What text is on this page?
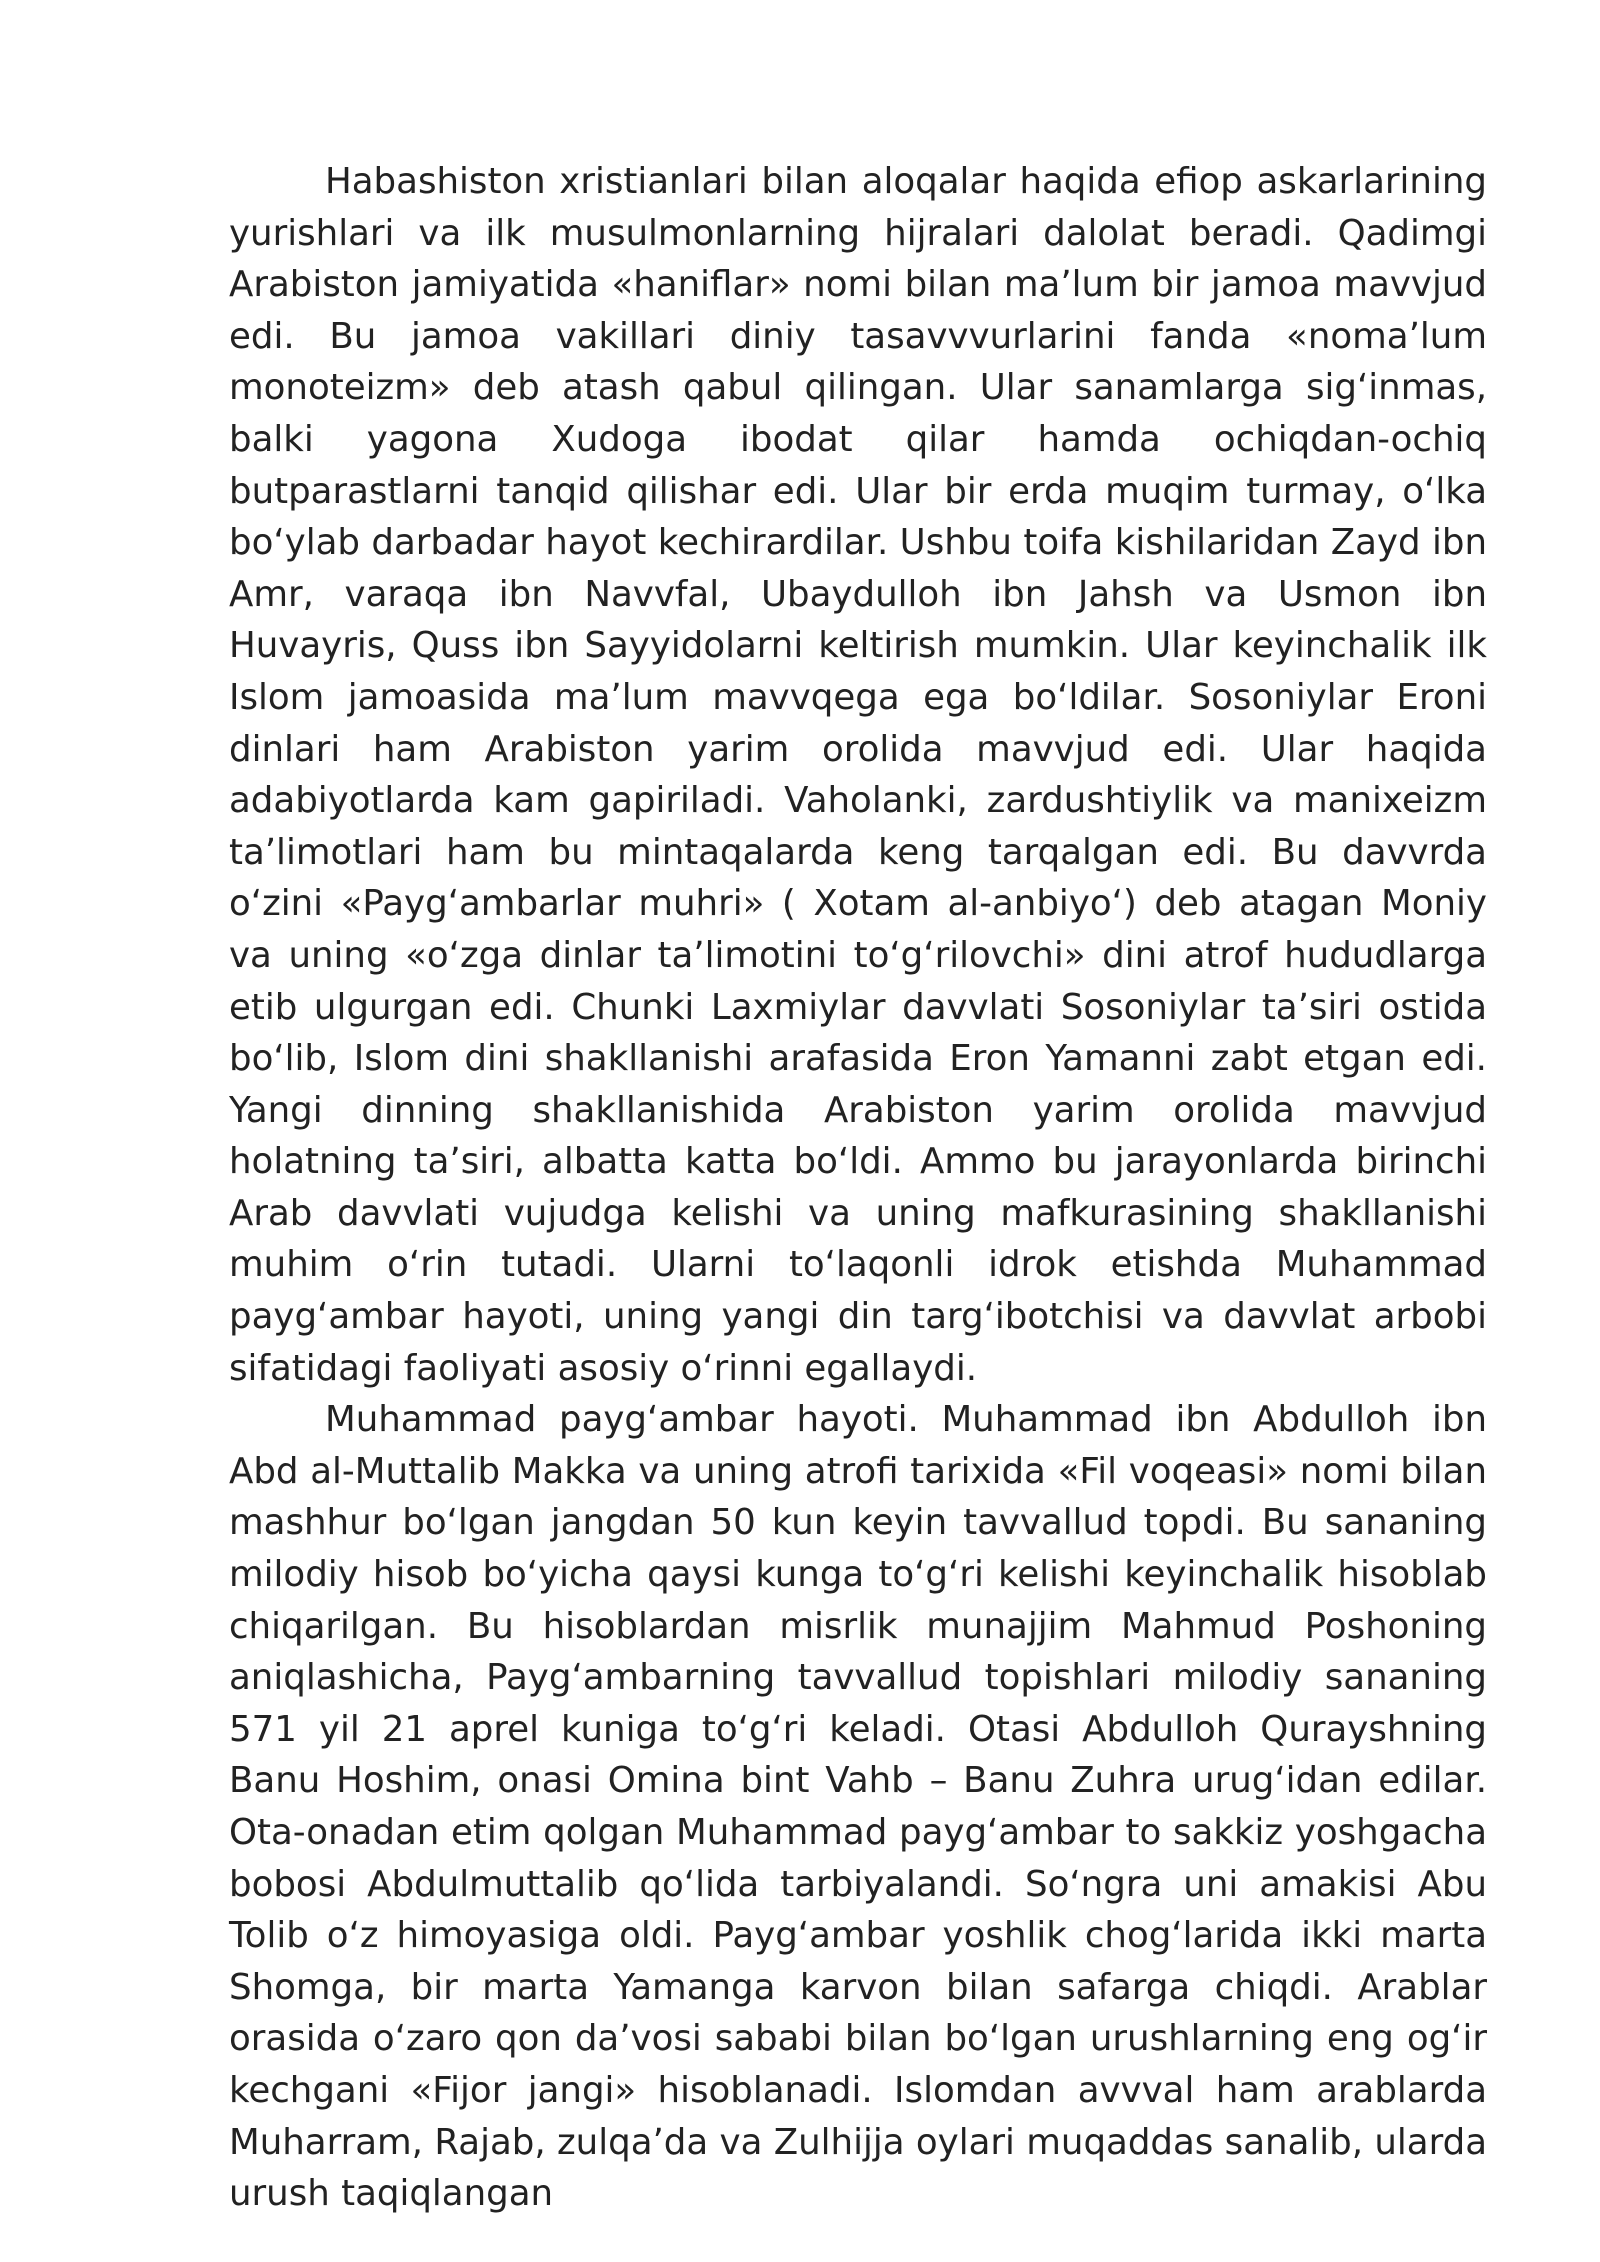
Habashiston xristianlari bilan aloqalar haqida efiop askarlarining yurishlari va ilk musulmonlarning hijralari dalolat beradi. Qadimgi Arabiston jamiyatida «haniflar» nomi bilan maʼlum bir jamoa mavvjud edi. Bu jamoa vakillari diniy tasavvvurlarini fanda «nomaʼlum monoteizm» deb atash qabul qilingan. Ular sanamlarga sigʻinmas, balki yagona Xudoga ibodat qilar hamda ochiqdan-ochiq butparastlarni tanqid qilishar edi. Ular bir erda muqim turmay, oʻlka boʻylab darbadar hayot kechirardilar. Ushbu toifa kishilaridan Zayd ibn Amr, varaqa ibn Navvfal, Ubaydulloh ibn Jahsh va Usmon ibn Huvayris, Quss ibn Sayyidolarni keltirish mumkin. Ular keyinchalik ilk Islom jamoasida maʼlum mavvqega ega boʻldilar. Sosoniylar Eroni dinlari ham Arabiston yarim orolida mavvjud edi. Ular haqida adabiyotlarda kam gapiriladi. Vaholanki, zardushtiylik va manixeizm taʼlimotlari ham bu mintaqalarda keng tarqalgan edi. Bu davvrda oʻzini «Paygʻambarlar muhri» ( Xotam al-anbiyoʻ) deb atagan Moniy va uning «oʻzga dinlar taʼlimotini toʻgʻrilovchi» dini atrof hududlarga etib ulgurgan edi. Chunki Laxmiylar davvlati Sosoniylar taʼsiri ostida boʻlib, Islom dini shakllanishi arafasida Eron Yamanni zabt etgan edi. Yangi dinning shakllanishida Arabiston yarim orolida mavvjud holatning taʼsiri, albatta katta boʻldi. Ammo bu jarayonlarda birinchi Arab davvlati vujudga kelishi va uning mafkurasining shakllanishi muhim oʻrin tutadi. Ularni toʻlaqonli idrok etishda Muhammad paygʻambar hayoti, uning yangi din targʻibotchisi va davvlat arbobi sifatidagi faoliyati asosiy oʻrinni egallaydi.

Muhammad paygʻambar hayoti. Muhammad ibn Abdulloh ibn Abd al-Muttalib Makka va uning atrofi tarixida «Fil voqeasi» nomi bilan mashhur boʻlgan jangdan 50 kun keyin tavvallud topdi. Bu sananing milodiy hisob boʻyicha qaysi kunga toʻgʻri kelishi keyinchalik hisoblab chiqarilgan. Bu hisoblardan misrlik munajjim Mahmud Poshoning aniqlashicha, Paygʻambarning tavvallud topishlari milodiy sananing 571 yil 21 aprel kuniga toʻgʻri keladi. Otasi Abdulloh Qurayshning Banu Hoshim, onasi Omina bint Vahb – Banu Zuhra urugʻidan edilar. Ota-onadan etim qolgan Muhammad paygʻambar to sakkiz yoshgacha bobosi Abdulmuttalib qoʻlida tarbiyalandi. Soʻngra uni amakisi Abu Tolib oʻz himoyasiga oldi. Paygʻambar yoshlik chogʻlarida ikki marta Shomga, bir marta Yamanga karvon bilan safarga chiqdi. Arablar orasida oʻzaro qon daʼvosi sababi bilan boʻlgan urushlarning eng ogʻir kechgani «Fijor jangi» hisoblanadi. Islomdan avvval ham arablarda Muharram, Rajab, zulqaʼda va Zulhijja oylari muqaddas sanalib, ularda urush taqiqlangan
